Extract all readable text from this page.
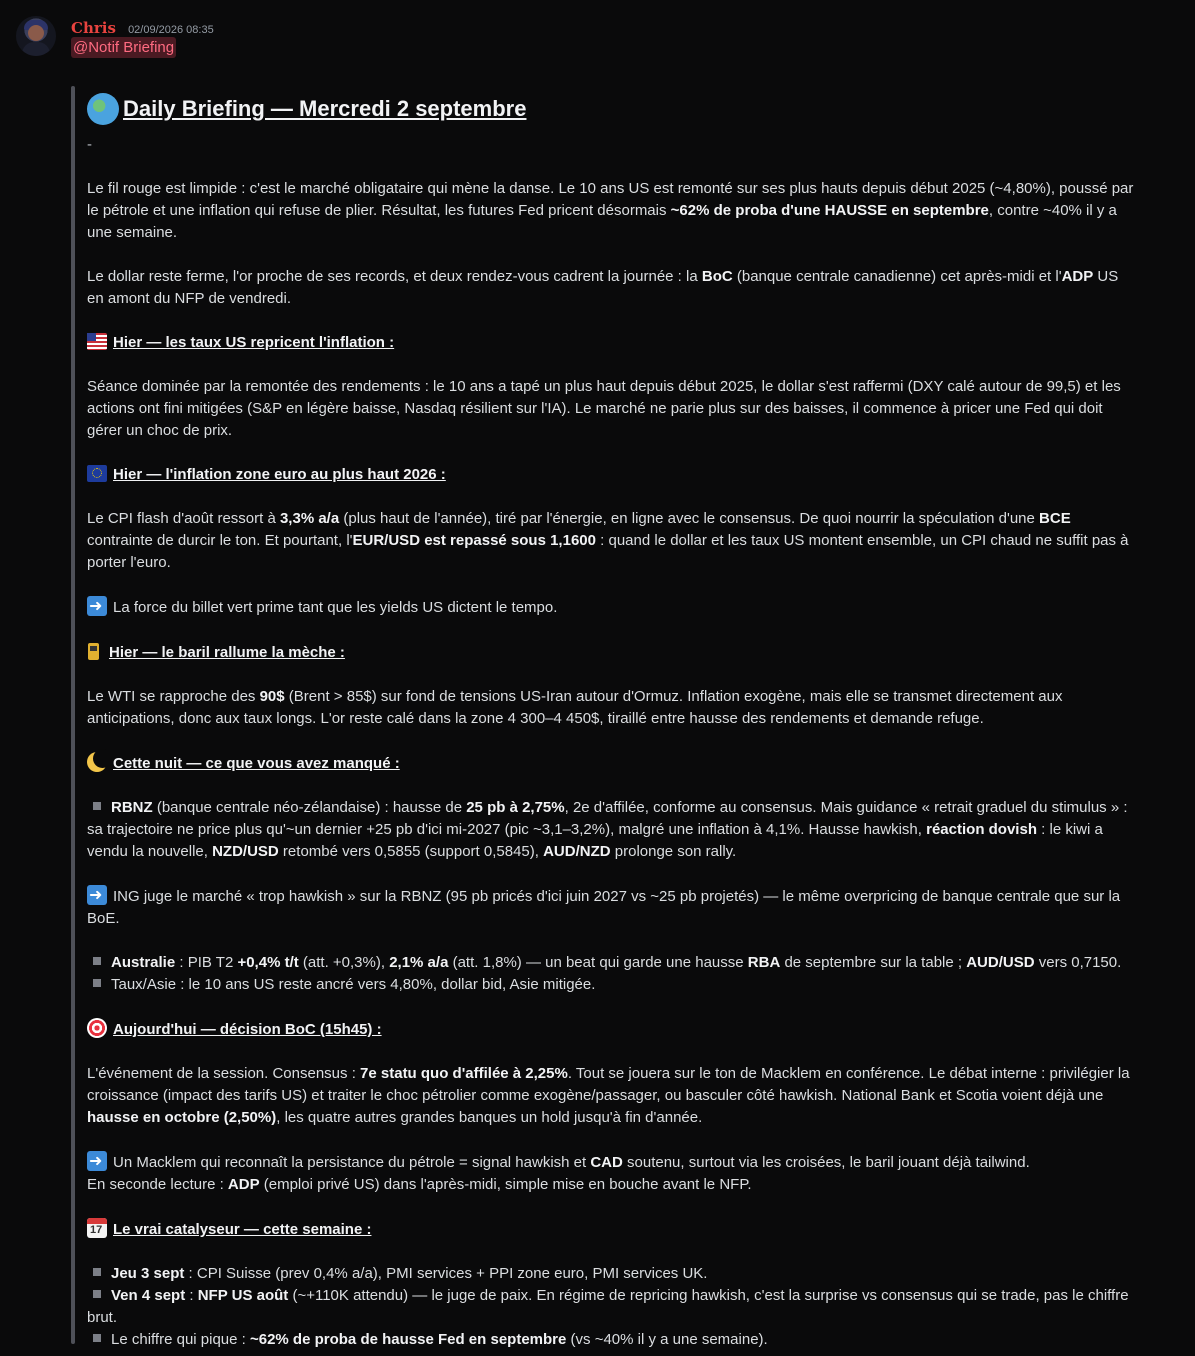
Chris 02/09/2026 08:35
@Notif Briefing
Daily Briefing — Mercredi 2 septembre
-

Le fil rouge est limpide : c'est le marché obligataire qui mène la danse. Le 10 ans US est remonté sur ses plus hauts depuis début 2025 (~4,80%), poussé par le pétrole et une inflation qui refuse de plier. Résultat, les futures Fed pricent désormais ~62% de proba d'une HAUSSE en septembre, contre ~40% il y a une semaine.

Le dollar reste ferme, l'or proche de ses records, et deux rendez-vous cadrent la journée : la BoC (banque centrale canadienne) cet après-midi et l'ADP US en amont du NFP de vendredi.

Hier — les taux US repricent l'inflation :

Séance dominée par la remontée des rendements : le 10 ans a tapé un plus haut depuis début 2025, le dollar s'est raffermi (DXY calé autour de 99,5) et les actions ont fini mitigées (S&P en légère baisse, Nasdaq résilient sur l'IA). Le marché ne parie plus sur des baisses, il commence à pricer une Fed qui doit gérer un choc de prix.

Hier — l'inflation zone euro au plus haut 2026 :

Le CPI flash d'août ressort à 3,3% a/a (plus haut de l'année), tiré par l'énergie, en ligne avec le consensus. De quoi nourrir la spéculation d'une BCE contrainte de durcir le ton. Et pourtant, l'EUR/USD est repassé sous 1,1600 : quand le dollar et les taux US montent ensemble, un CPI chaud ne suffit pas à porter l'euro.

➜La force du billet vert prime tant que les yields US dictent le tempo.

Hier — le baril rallume la mèche :

Le WTI se rapproche des 90$ (Brent > 85$) sur fond de tensions US-Iran autour d'Ormuz. Inflation exogène, mais elle se transmet directement aux anticipations, donc aux taux longs. L'or reste calé dans la zone 4 300–4 450$, tiraillé entre hausse des rendements et demande refuge.

Cette nuit — ce que vous avez manqué :

RBNZ (banque centrale néo-zélandaise) : hausse de 25 pb à 2,75%, 2e d'affilée, conforme au consensus. Mais guidance « retrait graduel du stimulus » : sa trajectoire ne price plus qu'~un dernier +25 pb d'ici mi-2027 (pic ~3,1–3,2%), malgré une inflation à 4,1%. Hausse hawkish, réaction dovish : le kiwi a vendu la nouvelle, NZD/USD retombé vers 0,5855 (support 0,5845), AUD/NZD prolonge son rally.

➜ING juge le marché « trop hawkish » sur la RBNZ (95 pb pricés d'ici juin 2027 vs ~25 pb projetés) — le même overpricing de banque centrale que sur la BoE.

Australie : PIB T2 +0,4% t/t (att. +0,3%), 2,1% a/a (att. 1,8%) — un beat qui garde une hausse RBA de septembre sur la table ; AUD/USD vers 0,7150.

Taux/Asie : le 10 ans US reste ancré vers 4,80%, dollar bid, Asie mitigée.

Aujourd'hui — décision BoC (15h45) :

L'événement de la session. Consensus : 7e statu quo d'affilée à 2,25%. Tout se jouera sur le ton de Macklem en conférence. Le débat interne : privilégier la croissance (impact des tarifs US) et traiter le choc pétrolier comme exogène/passager, ou basculer côté hawkish. National Bank et Scotia voient déjà une hausse en octobre (2,50%), les quatre autres grandes banques un hold jusqu'à fin d'année.

➜Un Macklem qui reconnaît la persistance du pétrole = signal hawkish et CAD soutenu, surtout via les croisées, le baril jouant déjà tailwind.

En seconde lecture : ADP (emploi privé US) dans l'après-midi, simple mise en bouche avant le NFP.

17Le vrai catalyseur — cette semaine :

Jeu 3 sept : CPI Suisse (prev 0,4% a/a), PMI services + PPI zone euro, PMI services UK.

Ven 4 sept : NFP US août (~+110K attendu) — le juge de paix. En régime de repricing hawkish, c'est la surprise vs consensus qui se trade, pas le chiffre brut.

Le chiffre qui pique : ~62% de proba de hausse Fed en septembre (vs ~40% il y a une semaine).
